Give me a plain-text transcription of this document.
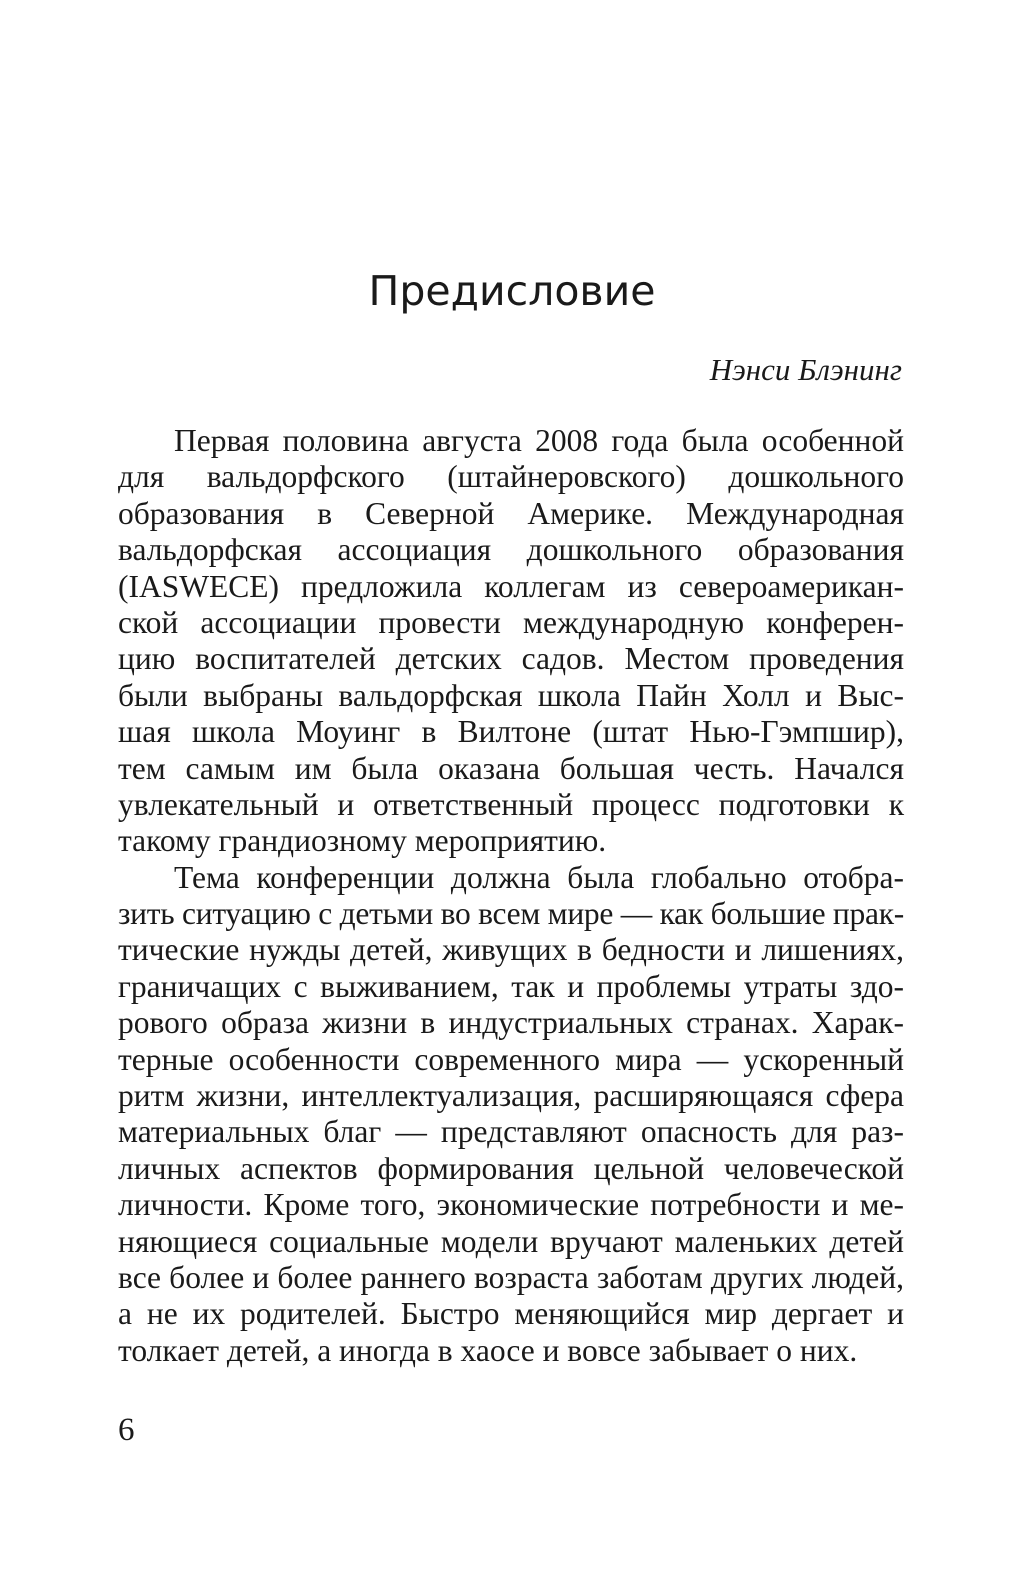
Предисловие

Нэнси Блэнинг

Первая половина августа 2008 года была особенной
для вальдорфского (штайнеровского) дошкольного
образования в Северной Америке. Международная
вальдорфская ассоциация дошкольного образования
(IASWECE) предложила коллегам из североамерикан-
ской ассоциации провести международную конферен-
цию воспитателей детских садов. Местом проведения
были выбраны вальдорфская школа Пайн Холл и Выс-
шая школа Моуинг в Вилтоне (штат Нью-Гэмпшир),
тем самым им была оказана большая честь. Начался
увлекательный и ответственный процесс подготовки к
такому грандиозному мероприятию.
Тема конференции должна была глобально отобра-
зить ситуацию с детьми во всем мире — как большие прак-
тические нужды детей, живущих в бедности и лишениях,
граничащих с выживанием, так и проблемы утраты здо-
рового образа жизни в индустриальных странах. Харак-
терные особенности современного мира — ускоренный
ритм жизни, интеллектуализация, расширяющаяся сфера
материальных благ — представляют опасность для раз-
личных аспектов формирования цельной человеческой
личности. Кроме того, экономические потребности и ме-
няющиеся социальные модели вручают маленьких детей
все более и более раннего возраста заботам других людей,
а не их родителей. Быстро меняющийся мир дергает и
толкает детей, а иногда в хаосе и вовсе забывает о них.

6
